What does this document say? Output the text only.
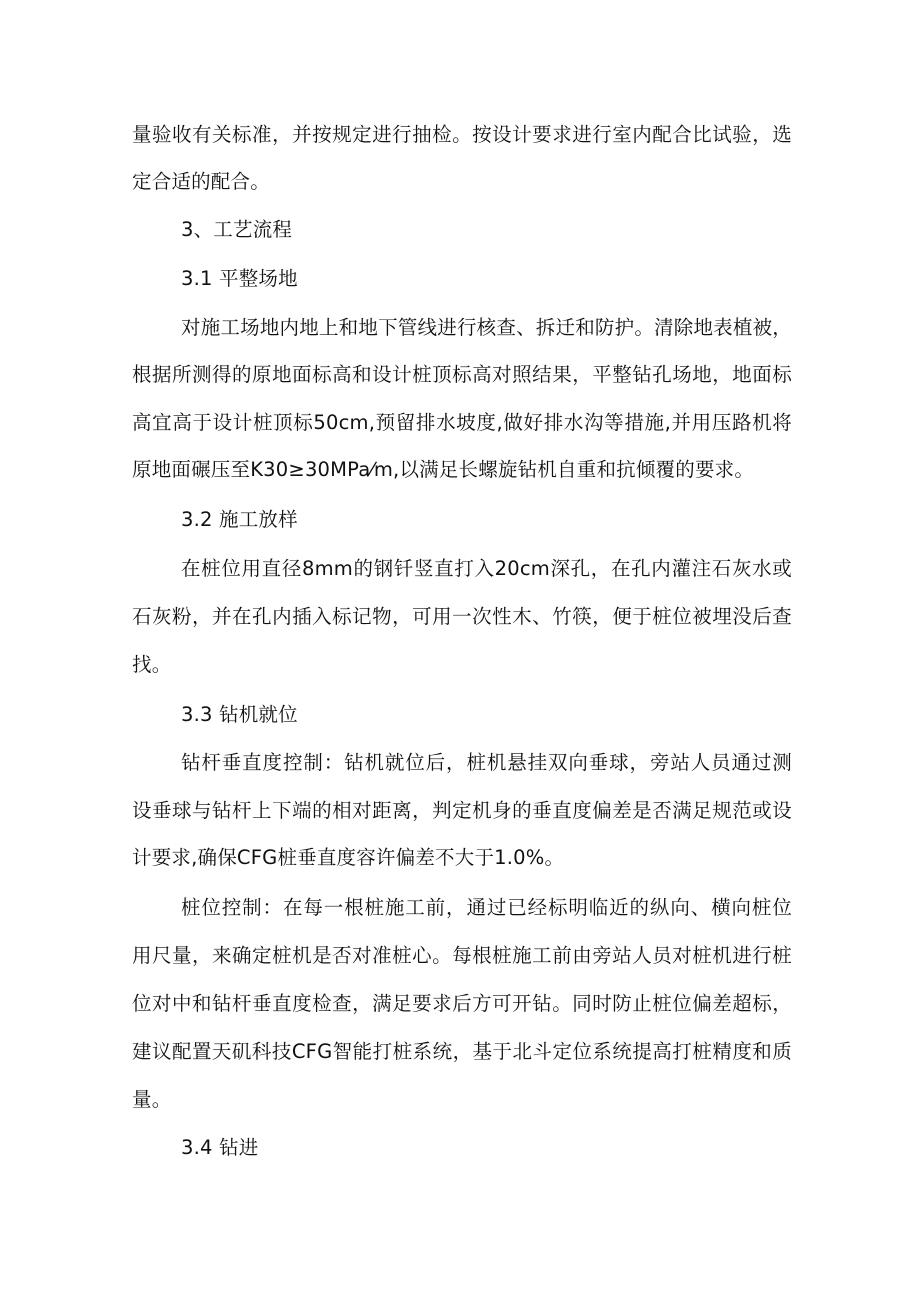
量验收有关标准，并按规定进行抽检。按设计要求进行室内配合比试验，选
定合适的配合。
3、工艺流程
3.1 平整场地
对施工场地内地上和地下管线进行核查、拆迁和防护。清除地表植被，
根据所测得的原地面标高和设计桩顶标高对照结果，平整钻孔场地，地面标
高宜高于设计桩顶标50cm,预留排水坡度,做好排水沟等措施,并用压路机将
原地面碾压至K30≥30MPa⁄m,以满足长螺旋钻机自重和抗倾覆的要求。
3.2 施工放样
在桩位用直径8mm的钢钎竖直打入20cm深孔，在孔内灌注石灰水或
石灰粉，并在孔内插入标记物，可用一次性木、竹筷，便于桩位被埋没后查
找。
3.3 钻机就位
钻杆垂直度控制：钻机就位后，桩机悬挂双向垂球，旁站人员通过测
设垂球与钻杆上下端的相对距离，判定机身的垂直度偏差是否满足规范或设
计要求,确保CFG桩垂直度容许偏差不大于1.0%。
桩位控制：在每一根桩施工前，通过已经标明临近的纵向、横向桩位
用尺量，来确定桩机是否对准桩心。每根桩施工前由旁站人员对桩机进行桩
位对中和钻杆垂直度检查，满足要求后方可开钻。同时防止桩位偏差超标，
建议配置天矶科技CFG智能打桩系统，基于北斗定位系统提高打桩精度和质
量。
3.4 钻进
